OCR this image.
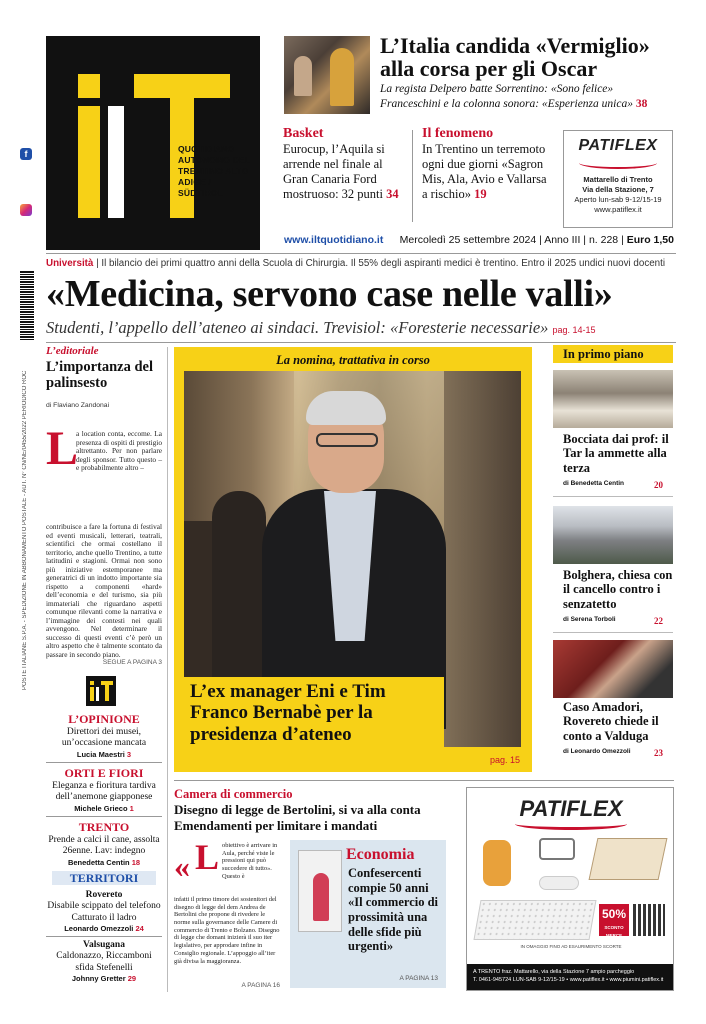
QUOTIDIANO AUTONOMO DEL TRENTINO ALTO ADIGE / SÜDTIROL
f
POSTE ITALIANE S.P.A. - SPEDIZIONE IN ABBONAMENTO POSTALE - AUT. N° CN/NE/0455/2022 PERIODICO ROC
L’Italia candida «Vermiglio» alla corsa per gli Oscar
La regista Delpero batte Sorrentino: «Sono felice» Franceschini e la colonna sonora: «Esperienza unica» 38
Basket
Eurocup, l’Aquila si arrende nel finale al Gran Canaria Ford mostruoso: 32 punti 34
Il fenomeno
In Trentino un terremoto ogni due giorni «Sagron Mis, Ala, Avio e Vallarsa a rischio» 19
PATIFLEX
Mattarello di Trento
Via della Stazione, 7
Aperto lun-sab 9-12/15-19
www.patiflex.it
www.iltquotidiano.it Mercoledì 25 settembre 2024 | Anno III | n. 228 | Euro 1,50
Università | Il bilancio dei primi quattro anni della Scuola di Chirurgia. Il 55% degli aspiranti medici è trentino. Entro il 2025 undici nuovi docenti
«Medicina, servono case nelle valli»
Studenti, l’appello dell’ateneo ai sindaci. Trevisiol: «Foresterie necessarie» pag. 14-15
L’editoriale
L’importanza del palinsesto
di Flaviano Zandonai
L
a location conta, eccome. La presenza di ospiti di prestigio altrettanto. Per non parlare degli sponsor. Tutto questo – e probabilmente altro –
contribuisce a fare la fortuna di festival ed eventi musicali, letterari, teatrali, scientifici che ormai costellano il territorio, anche quello Trentino, a tutte latitudini e stagioni. Ormai non sono più iniziative estemporanee ma generatrici di un indotto importante sia rispetto a componenti «hard» dell’economia e del turismo, sia più immateriali che riguardano aspetti comunque rilevanti come la narrativa e l’immagine dei contesti nei quali avvengono. Nel determinare il successo di questi eventi c’è però un altro aspetto che è talmente scontato da passare in secondo piano.
SEGUE A PAGINA 3
L’OPINIONE
Direttori dei musei, un’occasione mancata
Lucia Maestri 3
ORTI E FIORI
Eleganza e fioritura tardiva dell’anemone giapponese
Michele Grieco 1
TRENTO
Prende a calci il cane, assolta 26enne. Lav: indegno
Benedetta Centin 18
TERRITORI
Rovereto
Disabile scippato del telefono Catturato il ladro
Leonardo Omezzoli 24
Valsugana
Caldonazzo, Riccamboni sfida Stefenelli
Johnny Gretter 29
La nomina, trattativa in corso
L’ex manager Eni e Tim Franco Bernabè per la presidenza d’ateneo
pag. 15
In primo piano
Bocciata dai prof: il Tar la ammette alla terza
di Benedetta Centin	20
Bolghera, chiesa con il cancello contro i senzatetto
di Serena Torboli	22
Caso Amadori, Rovereto chiede il conto a Valduga
di Leonardo Omezzoli	23
Camera di commercio
Disegno di legge de Bertolini, si va alla conta Emendamenti per limitare i mandati
« L obiettivo è arrivare in Aula, perché viste le pressioni qui può succedere di tutto». Questo è
infatti il primo timore dei sostenitori del disegno di legge del dem Andrea de Bertolini che propone di rivedere le norme sulla governance delle Camere di commercio di Trento e Bolzano. Disegno di legge che domani inizierà il suo iter legislativo, per approdare infine in Consiglio regionale. L’appoggio all’iter già divisa la maggioranza.
A PAGINA 16
Economia
Confesercenti compie 50 anni «Il commercio di prossimità una delle sfide più urgenti»
A PAGINA 13
PATIFLEX
50%
SCONTO MERCE
IN OMAGGIO FINO AD ESAURIMENTO SCORTE
A TRENTO fraz. Mattarello, via della Stazione 7 ampio parcheggio
T. 0461-945724 LUN-SAB 9-12/15-19 • www.patiflex.it • www.piumini.patiflex.it
